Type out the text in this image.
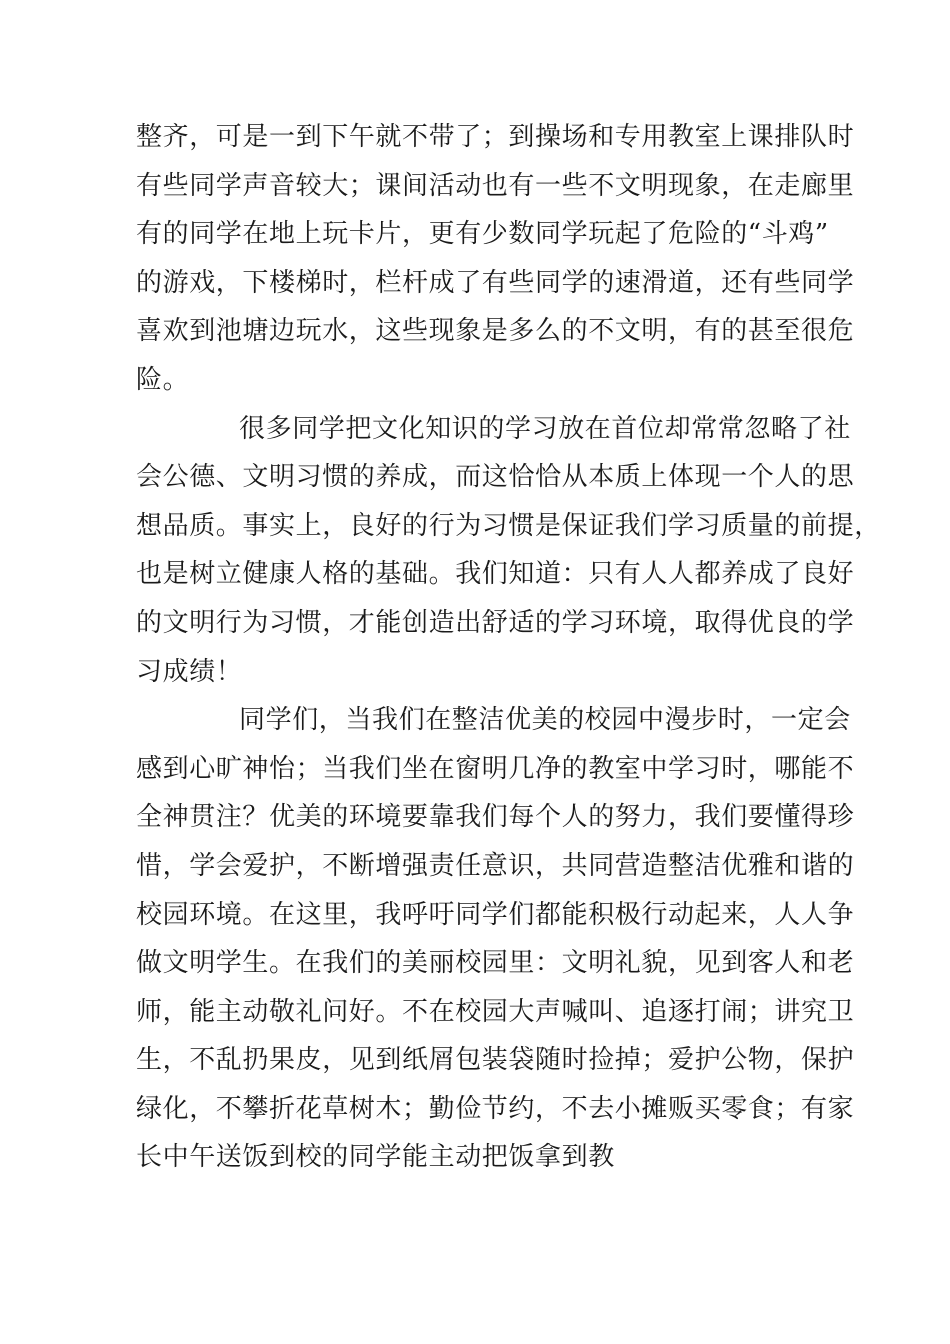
整齐，可是一到下午就不带了；到操场和专用教室上课排队时
有些同学声音较大；课间活动也有一些不文明现象，在走廊里
有的同学在地上玩卡片，更有少数同学玩起了危险的“斗鸡”
的游戏，下楼梯时，栏杆成了有些同学的速滑道，还有些同学
喜欢到池塘边玩水，这些现象是多么的不文明，有的甚至很危
险。
很多同学把文化知识的学习放在首位却常常忽略了社
会公德、文明习惯的养成，而这恰恰从本质上体现一个人的思
想品质。事实上，良好的行为习惯是保证我们学习质量的前提，
也是树立健康人格的基础。我们知道：只有人人都养成了良好
的文明行为习惯，才能创造出舒适的学习环境，取得优良的学
习成绩！
同学们，当我们在整洁优美的校园中漫步时，一定会
感到心旷神怡；当我们坐在窗明几净的教室中学习时，哪能不
全神贯注？优美的环境要靠我们每个人的努力，我们要懂得珍
惜，学会爱护，不断增强责任意识，共同营造整洁优雅和谐的
校园环境。在这里，我呼吁同学们都能积极行动起来，人人争
做文明学生。在我们的美丽校园里：文明礼貌，见到客人和老
师，能主动敬礼问好。不在校园大声喊叫、追逐打闹；讲究卫
生，不乱扔果皮，见到纸屑包装袋随时捡掉；爱护公物，保护
绿化，不攀折花草树木；勤俭节约，不去小摊贩买零食；有家
长中午送饭到校的同学能主动把饭拿到教
